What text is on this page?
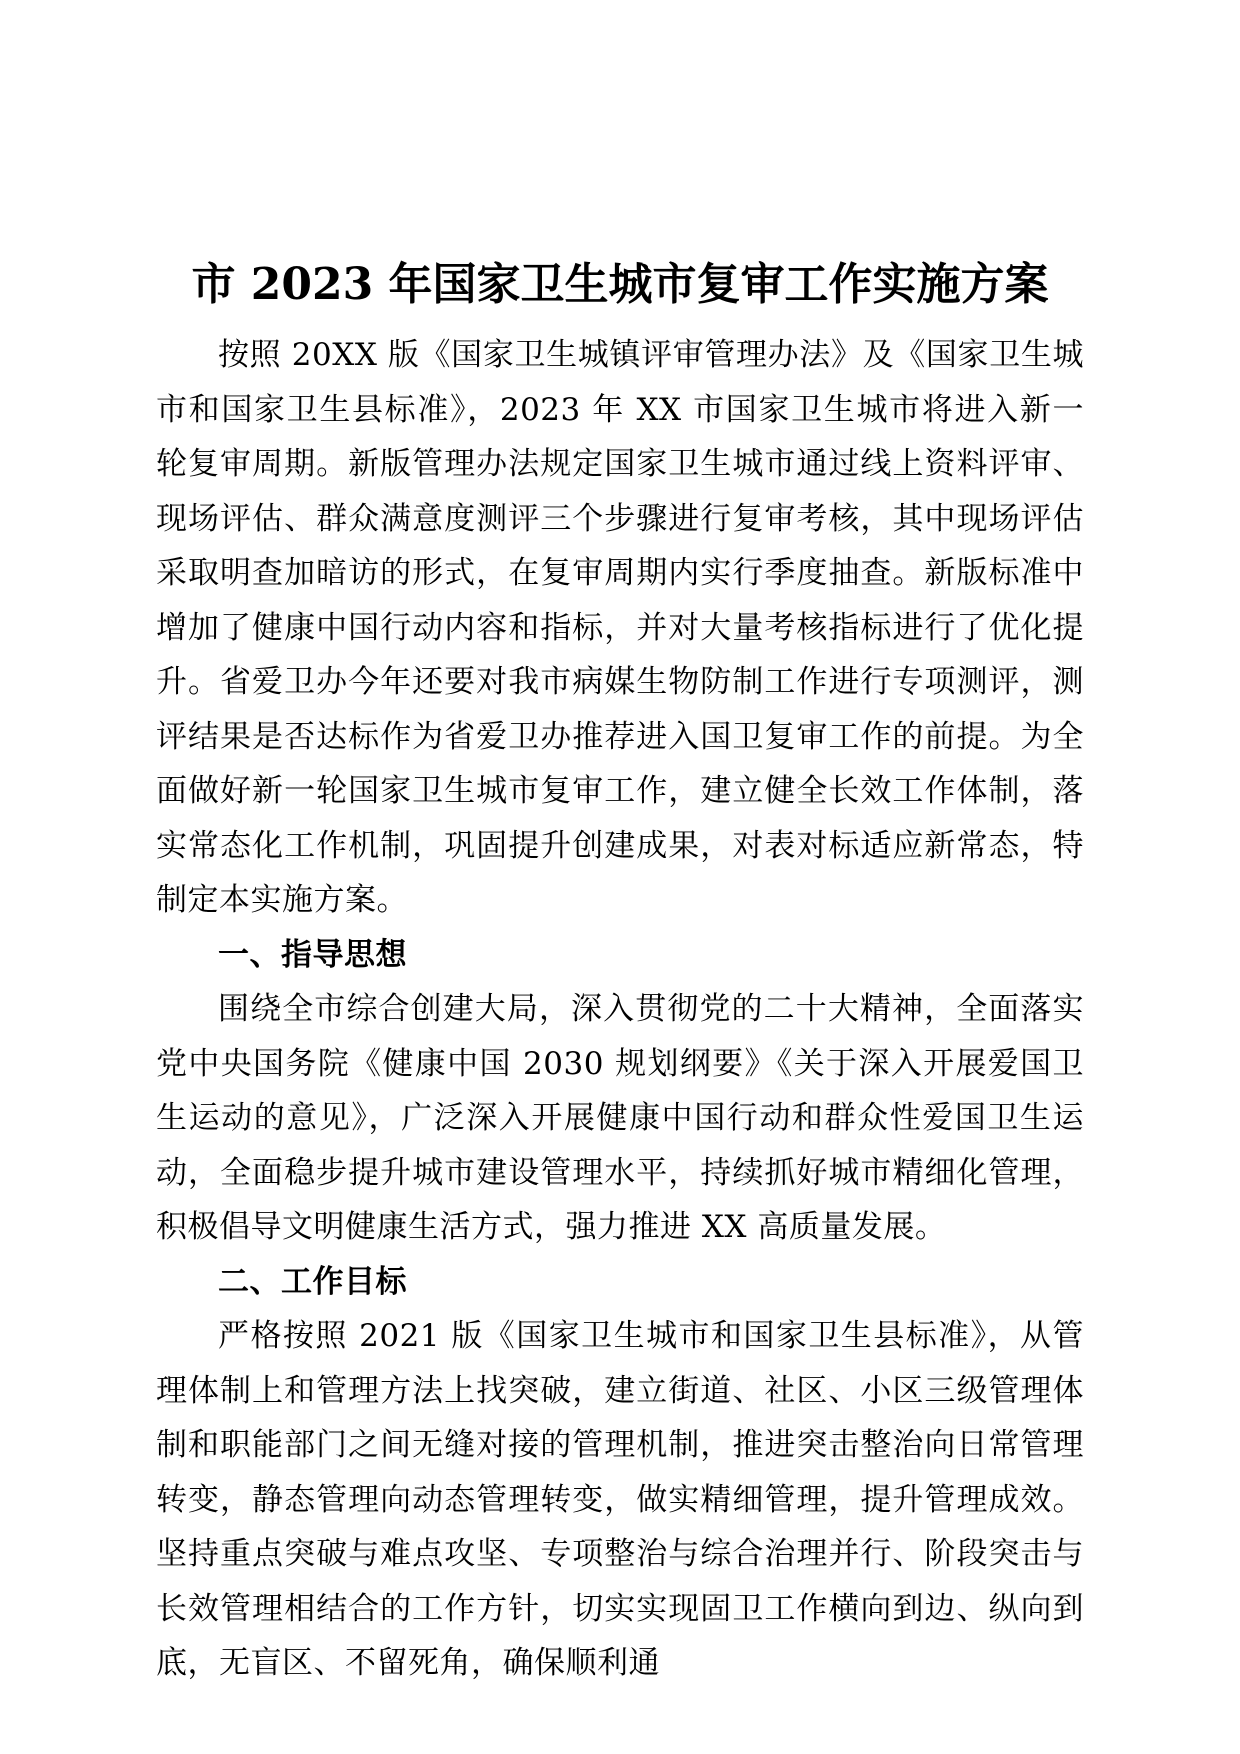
市 2023 年国家卫生城市复审工作实施方案

按照 20XX 版《国家卫生城镇评审管理办法》及《国家卫生城市和国家卫生县标准》，2023 年 XX 市国家卫生城市将进入新一轮复审周期。新版管理办法规定国家卫生城市通过线上资料评审、现场评估、群众满意度测评三个步骤进行复审考核，其中现场评估采取明查加暗访的形式，在复审周期内实行季度抽查。新版标准中增加了健康中国行动内容和指标，并对大量考核指标进行了优化提升。省爱卫办今年还要对我市病媒生物防制工作进行专项测评，测评结果是否达标作为省爱卫办推荐进入国卫复审工作的前提。为全面做好新一轮国家卫生城市复审工作，建立健全长效工作体制，落实常态化工作机制，巩固提升创建成果，对表对标适应新常态，特制定本实施方案。

一、指导思想

围绕全市综合创建大局，深入贯彻党的二十大精神，全面落实党中央国务院《健康中国 2030 规划纲要》《关于深入开展爱国卫生运动的意见》，广泛深入开展健康中国行动和群众性爱国卫生运动，全面稳步提升城市建设管理水平，持续抓好城市精细化管理，积极倡导文明健康生活方式，强力推进 XX 高质量发展。

二、工作目标

严格按照 2021 版《国家卫生城市和国家卫生县标准》，从管理体制上和管理方法上找突破，建立街道、社区、小区三级管理体制和职能部门之间无缝对接的管理机制，推进突击整治向日常管理转变，静态管理向动态管理转变，做实精细管理，提升管理成效。坚持重点突破与难点攻坚、专项整治与综合治理并行、阶段突击与长效管理相结合的工作方针，切实实现固卫工作横向到边、纵向到底，无盲区、不留死角，确保顺利通
